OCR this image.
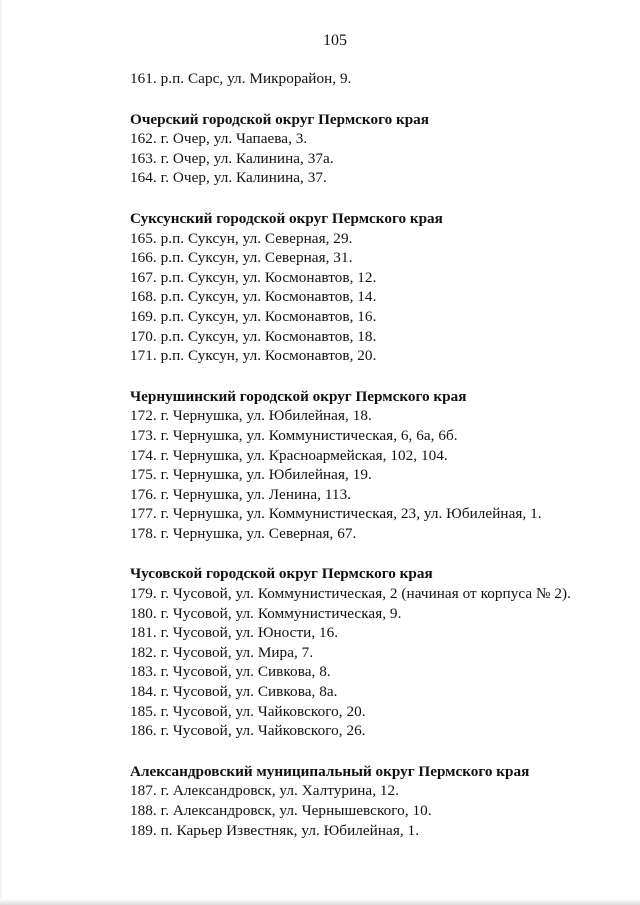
105
161. р.п. Сарс, ул. Микрорайон, 9.
Очерский городской округ Пермского края
162. г. Очер, ул. Чапаева, 3.
163. г. Очер, ул. Калинина, 37а.
164. г. Очер, ул. Калинина, 37.
Суксунский городской округ Пермского края
165. р.п. Суксун, ул. Северная, 29.
166. р.п. Суксун, ул. Северная, 31.
167. р.п. Суксун, ул. Космонавтов, 12.
168. р.п. Суксун, ул. Космонавтов, 14.
169. р.п. Суксун, ул. Космонавтов, 16.
170. р.п. Суксун, ул. Космонавтов, 18.
171. р.п. Суксун, ул. Космонавтов, 20.
Чернушинский городской округ Пермского края
172. г. Чернушка, ул. Юбилейная, 18.
173. г. Чернушка, ул. Коммунистическая, 6, 6а, 6б.
174. г. Чернушка, ул. Красноармейская, 102, 104.
175. г. Чернушка, ул. Юбилейная, 19.
176. г. Чернушка, ул. Ленина, 113.
177. г. Чернушка, ул. Коммунистическая, 23, ул. Юбилейная, 1.
178. г. Чернушка, ул. Северная, 67.
Чусовской городской округ Пермского края
179. г. Чусовой, ул. Коммунистическая, 2 (начиная от корпуса № 2).
180. г. Чусовой, ул. Коммунистическая, 9.
181. г. Чусовой, ул. Юности, 16.
182. г. Чусовой, ул. Мира, 7.
183. г. Чусовой, ул. Сивкова, 8.
184. г. Чусовой, ул. Сивкова, 8а.
185. г. Чусовой, ул. Чайковского, 20.
186. г. Чусовой, ул. Чайковского, 26.
Александровский муниципальный округ Пермского края
187. г. Александровск, ул. Халтурина, 12.
188. г. Александровск, ул. Чернышевского, 10.
189. п. Карьер Известняк, ул. Юбилейная, 1.
